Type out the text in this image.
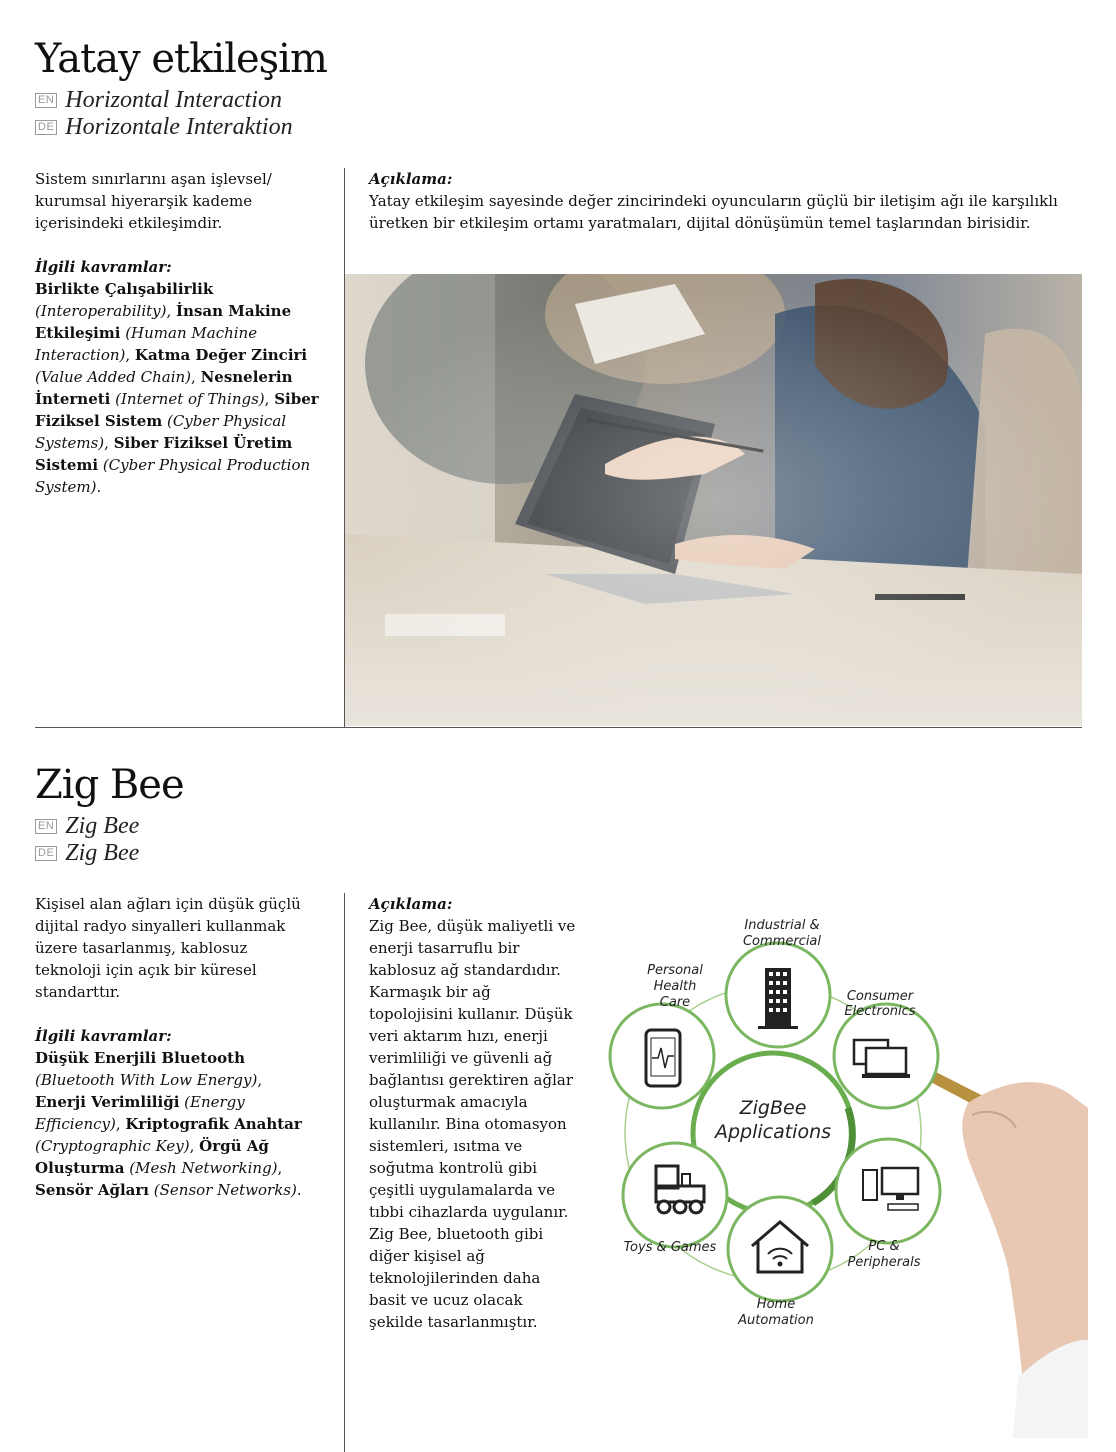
Yatay etkileşim
EN Horizontal Interaction
DE Horizontale Interaktion
Sistem sınırlarını aşan işlevsel/ kurumsal hiyerarşik kademe içerisindeki etkileşimdir.
İlgili kavramlar:
Birlikte Çalışabilirlik (Interoperability), İnsan Makine Etkileşimi (Human Machine Interaction), Katma Değer Zinciri (Value Added Chain), Nesnelerin İnterneti (Internet of Things), Siber Fiziksel Sistem (Cyber Physical Systems), Siber Fiziksel Üretim Sistemi (Cyber Physical Production System).
Açıklama:
Yatay etkileşim sayesinde değer zincirindeki oyuncuların güçlü bir iletişim ağı ile karşılıklı üretken bir etkileşim ortamı yaratmaları, dijital dönüşümün temel taşlarından birisidir.
Zig Bee
EN Zig Bee
DE Zig Bee
Kişisel alan ağları için düşük güçlü dijital radyo sinyalleri kullanmak üzere tasarlanmış, kablosuz teknoloji için açık bir küresel standarttır.
İlgili kavramlar:
Düşük Enerjili Bluetooth (Bluetooth With Low Energy), Enerji Verimliliği (Energy Efficiency), Kriptografik Anahtar (Cryptographic Key), Örgü Ağ Oluşturma (Mesh Networking), Sensör Ağları (Sensor Networks).
Açıklama:
Zig Bee, düşük maliyetli ve enerji tasarruflu bir kablosuz ağ standardıdır. Karmaşık bir ağ topolojisini kullanır. Düşük veri aktarım hızı, enerji verimliliği ve güvenli ağ bağlantısı gerektiren ağlar oluşturmak amacıyla kullanılır. Bina otomasyon sistemleri, ısıtma ve soğutma kontrolü gibi çeşitli uygulamalarda ve tıbbi cihazlarda uygulanır. Zig Bee, bluetooth gibi diğer kişisel ağ teknolojilerinden daha basit ve ucuz olacak şekilde tasarlanmıştır.
ZigBee
Applications
Industrial &
Commercial
Personal
Health
Care	Consumer
Electronics
Toys & Games	PC &
Peripherals
Home
Automation
